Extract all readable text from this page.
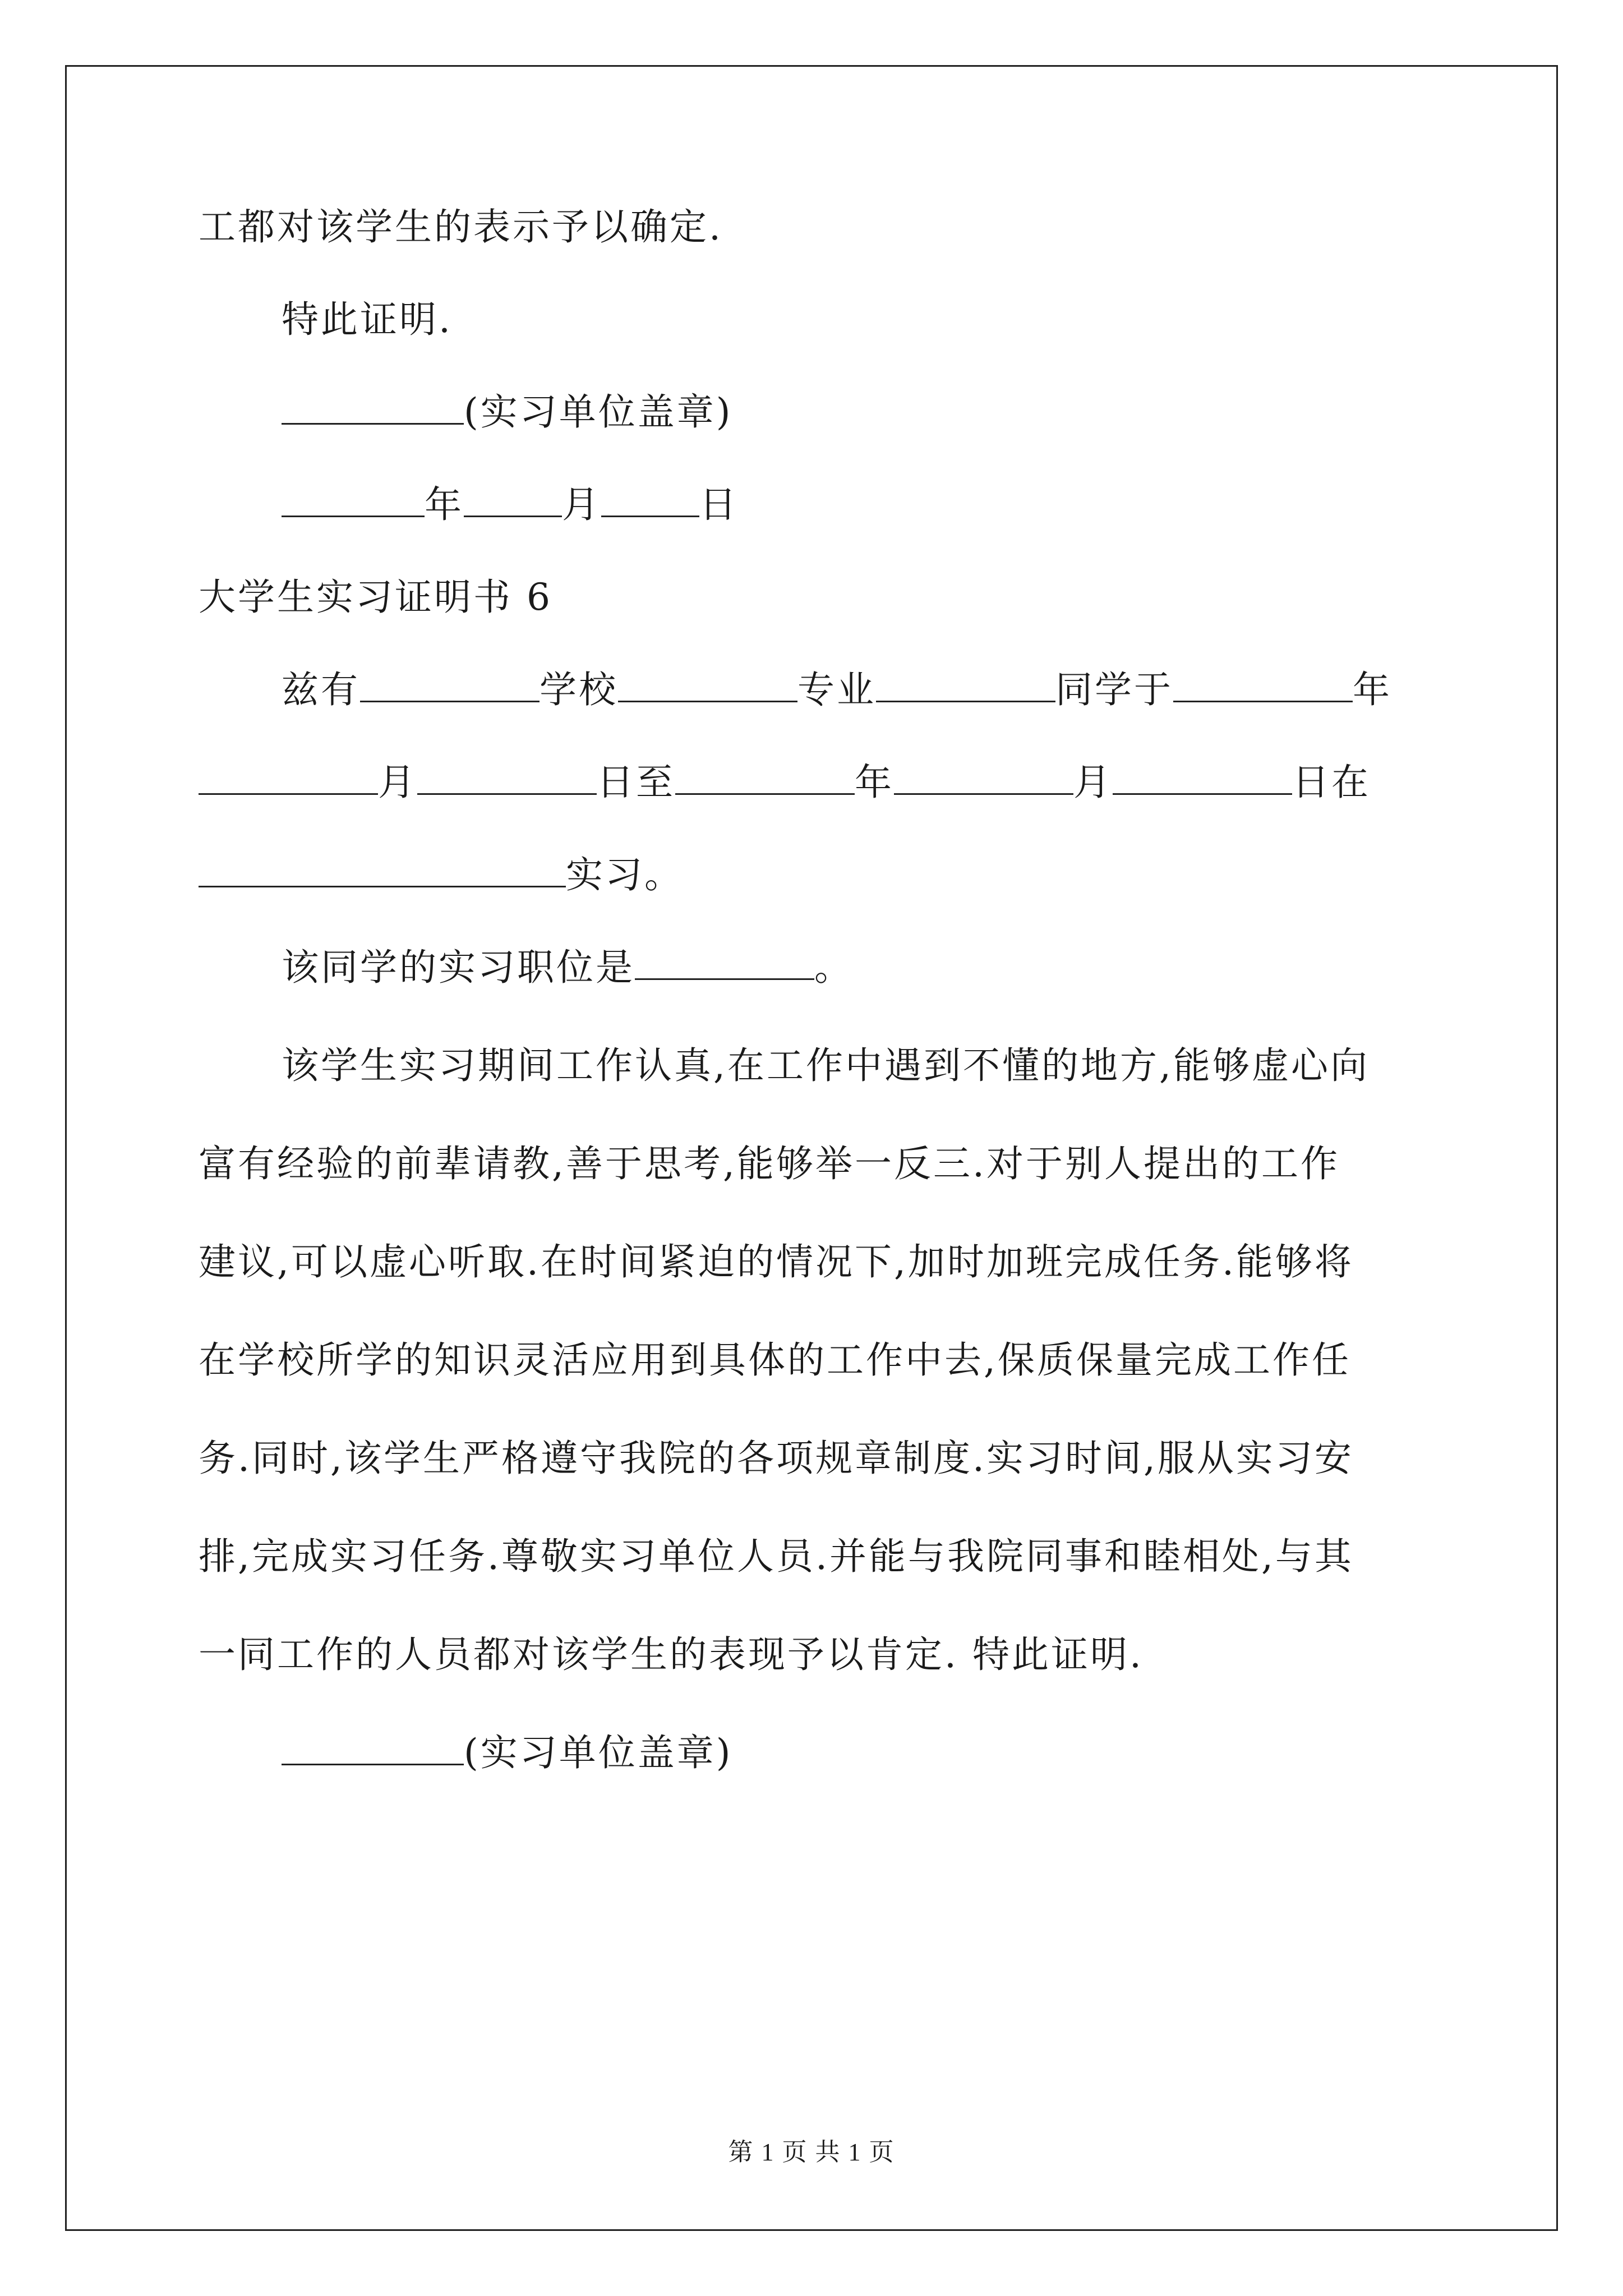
工都对该学生的表示予以确定.
特此证明.
(实习单位盖章)
年	月	日
大学生实习证明书 6
兹有	学校	专业	同学于	年
月	日至	年	月	日在
实习。
该同学的实习职位是	。
该学生实习期间工作认真,在工作中遇到不懂的地方,能够虚心向
富有经验的前辈请教,善于思考,能够举一反三.对于别人提出的工作
建议,可以虚心听取.在时间紧迫的情况下,加时加班完成任务.能够将
在学校所学的知识灵活应用到具体的工作中去,保质保量完成工作任
务.同时,该学生严格遵守我院的各项规章制度.实习时间,服从实习安
排,完成实习任务.尊敬实习单位人员.并能与我院同事和睦相处,与其
一同工作的人员都对该学生的表现予以肯定. 特此证明.
(实习单位盖章)
第 1 页 共 1 页
